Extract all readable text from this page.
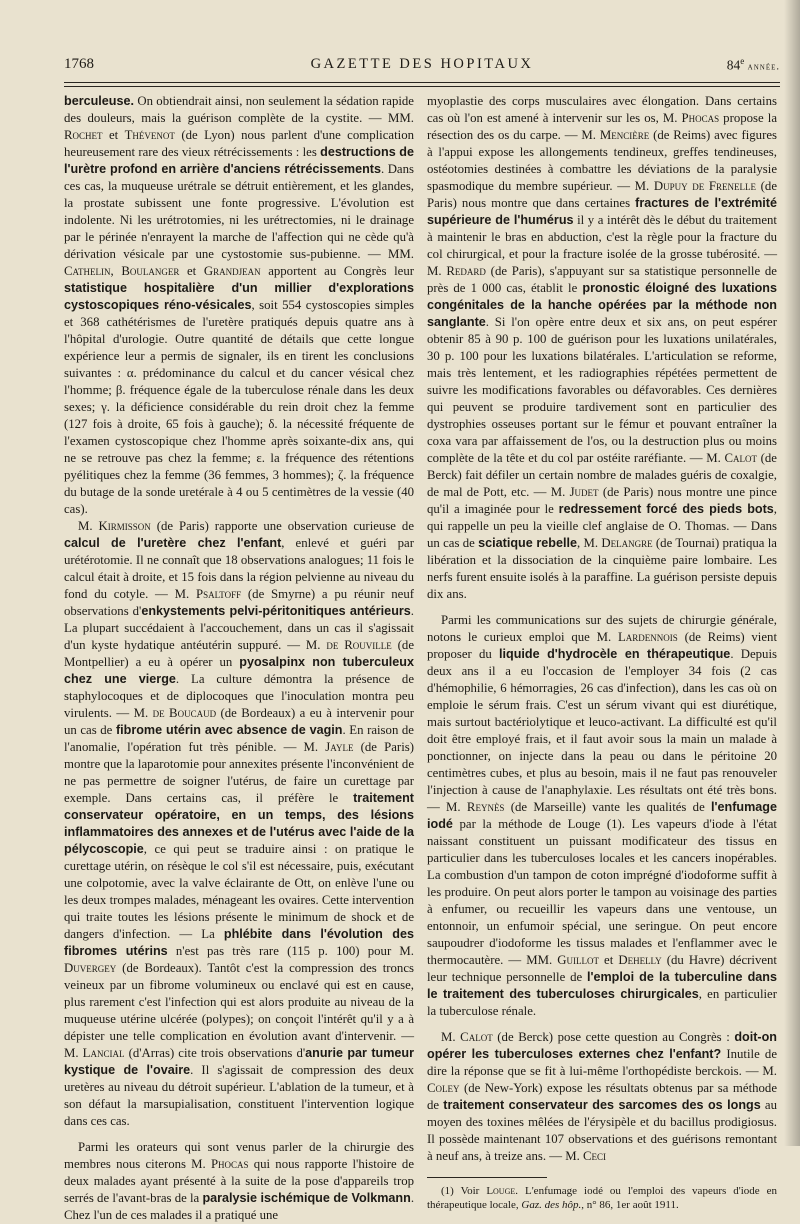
1768	GAZETTE DES HOPITAUX	84e année.

berculeuse. On obtiendrait ainsi, non seulement la sédation rapide des douleurs, mais la guérison complète de la cystite. — MM. Rochet et Thévenot (de Lyon) nous parlent d'une complication heureusement rare des vieux rétrécissements : les destructions de l'urètre profond en arrière d'anciens rétrécissements. Dans ces cas, la muqueuse urétrale se détruit entièrement, et les glandes, la prostate subissent une fonte progressive. L'évolution est indolente. Ni les urétrotomies, ni les urétrectomies, ni le drainage par le périnée n'enrayent la marche de l'affection qui ne cède qu'à dérivation vésicale par une cystostomie sus-pubienne. — MM. Cathelin, Boulanger et Grandjean apportent au Congrès leur statistique hospitalière d'un millier d'explorations cystoscopiques réno-vésicales, soit 554 cystoscopies simples et 368 cathétérismes de l'uretère pratiqués depuis quatre ans à l'hôpital d'urologie. Outre quantité de détails que cette longue expérience leur a permis de signaler, ils en tirent les conclusions suivantes : α. prédominance du calcul et du cancer vésical chez l'homme; β. fréquence égale de la tuberculose rénale dans les deux sexes; γ. la déficience considérable du rein droit chez la femme (127 fois à droite, 65 fois à gauche); δ. la nécessité fréquente de l'examen cystoscopique chez l'homme après soixante-dix ans, qui ne se retrouve pas chez la femme; ε. la fréquence des rétentions pyélitiques chez la femme (36 femmes, 3 hommes); ζ. la fréquence du butage de la sonde uretérale à 4 ou 5 centimètres de la vessie (40 cas).

M. Kirmisson (de Paris) rapporte une observation curieuse de calcul de l'uretère chez l'enfant, enlevé et guéri par urétérotomie. Il ne connaît que 18 observations analogues; 11 fois le calcul était à droite, et 15 fois dans la région pelvienne au niveau du fond du cotyle. — M. Psaltoff (de Smyrne) a pu réunir neuf observations d'enkystements pelvi-péritonitiques antérieurs. La plupart succédaient à l'accouchement, dans un cas il s'agissait d'un kyste hydatique antéutérin suppuré. — M. de Rouville (de Montpellier) a eu à opérer un pyosalpinx non tuberculeux chez une vierge. La culture démontra la présence de staphylocoques et de diplocoques que l'inoculation montra peu virulents. — M. de Boucaud (de Bordeaux) a eu à intervenir pour un cas de fibrome utérin avec absence de vagin. En raison de l'anomalie, l'opération fut très pénible. — M. Jayle (de Paris) montre que la laparotomie pour annexites présente l'inconvénient de ne pas permettre de soigner l'utérus, de faire un curettage par exemple. Dans certains cas, il préfère le traitement conservateur opératoire, en un temps, des lésions inflammatoires des annexes et de l'utérus avec l'aide de la pélycoscopie, ce qui peut se traduire ainsi : on pratique le curettage utérin, on résèque le col s'il est nécessaire, puis, exécutant une colpotomie, avec la valve éclairante de Ott, on enlève l'une ou les deux trompes malades, ménageant les ovaires. Cette intervention qui traite toutes les lésions présente le minimum de shock et de dangers d'infection. — La phlébite dans l'évolution des fibromes utérins n'est pas très rare (115 p. 100) pour M. Duvergey (de Bordeaux). Tantôt c'est la compression des troncs veineux par un fibrome volumineux ou enclavé qui est en cause, plus rarement c'est l'infection qui est alors produite au niveau de la muqueuse utérine ulcérée (polypes); on conçoit l'intérêt qu'il y a à dépister une telle complication en évolution avant d'intervenir. — M. Lancial (d'Arras) cite trois observations d'anurie par tumeur kystique de l'ovaire. Il s'agissait de compression des deux uretères au niveau du détroit supérieur. L'ablation de la tumeur, et à son défaut la marsupialisation, constituent l'intervention logique dans ces cas.

Parmi les orateurs qui sont venus parler de la chirurgie des membres nous citerons M. Phocas qui nous rapporte l'histoire de deux malades ayant présenté à la suite de la pose d'appareils trop serrés de l'avant-bras de la paralysie ischémique de Volkmann. Chez l'un de ces malades il a pratiqué une

myoplastie des corps musculaires avec élongation. Dans certains cas où l'on est amené à intervenir sur les os, M. Phocas propose la résection des os du carpe. — M. Mencière (de Reims) avec figures à l'appui expose les allongements tendineux, greffes tendineuses, ostéotomies destinées à combattre les déviations de la paralysie spasmodique du membre supérieur. — M. Dupuy de Frenelle (de Paris) nous montre que dans certaines fractures de l'extrémité supérieure de l'humérus il y a intérêt dès le début du traitement à maintenir le bras en abduction, c'est la règle pour la fracture du col chirurgical, et pour la fracture isolée de la grosse tubérosité. — M. Redard (de Paris), s'appuyant sur sa statistique personnelle de près de 1 000 cas, établit le pronostic éloigné des luxations congénitales de la hanche opérées par la méthode non sanglante. Si l'on opère entre deux et six ans, on peut espérer obtenir 85 à 90 p. 100 de guérison pour les luxations unilatérales, 30 p. 100 pour les luxations bilatérales. L'articulation se reforme, mais très lentement, et les radiographies répétées permettent de suivre les modifications favorables ou défavorables. Ces dernières qui peuvent se produire tardivement sont en particulier des dystrophies osseuses portant sur le fémur et pouvant entraîner la coxa vara par affaissement de l'os, ou la destruction plus ou moins complète de la tête et du col par ostéite raréfiante. — M. Calot (de Berck) fait défiler un certain nombre de malades guéris de coxalgie, de mal de Pott, etc. — M. Judet (de Paris) nous montre une pince qu'il a imaginée pour le redressement forcé des pieds bots, qui rappelle un peu la vieille clef anglaise de O. Thomas. — Dans un cas de sciatique rebelle, M. Delangre (de Tournai) pratiqua la libération et la dissociation de la cinquième paire lombaire. Les nerfs furent ensuite isolés à la paraffine. La guérison persiste depuis dix ans.

Parmi les communications sur des sujets de chirurgie générale, notons le curieux emploi que M. Lardennois (de Reims) vient proposer du liquide d'hydrocèle en thérapeutique. Depuis deux ans il a eu l'occasion de l'employer 34 fois (2 cas d'hémophilie, 6 hémorragies, 26 cas d'infection), dans les cas où on emploie le sérum frais. C'est un sérum vivant qui est diurétique, mais surtout bactériolytique et leuco-activant. La difficulté est qu'il doit être employé frais, et il faut avoir sous la main un malade à ponctionner, on injecte dans la peau ou dans le péritoine 20 centimètres cubes, et plus au besoin, mais il ne faut pas renouveler l'injection à cause de l'anaphylaxie. Les résultats ont été très bons. — M. Reynès (de Marseille) vante les qualités de l'enfumage iodé par la méthode de Louge (1). Les vapeurs d'iode à l'état naissant constituent un puissant modificateur des tissus en particulier dans les tuberculoses locales et les cancers inopérables. La combustion d'un tampon de coton imprégné d'iodoforme suffit à les produire. On peut alors porter le tampon au voisinage des parties à enfumer, ou recueillir les vapeurs dans une ventouse, un entonnoir, un enfumoir spécial, une seringue. On peut encore saupoudrer d'iodoforme les tissus malades et l'enflammer avec le thermocautère. — MM. Guillot et Dehelly (du Havre) décrivent leur technique personnelle de l'emploi de la tuberculine dans le traitement des tuberculoses chirurgicales, en particulier la tuberculose rénale.

M. Calot (de Berck) pose cette question au Congrès : doit-on opérer les tuberculoses externes chez l'enfant? Inutile de dire la réponse que se fit à lui-même l'orthopédiste berckois. — M. Coley (de New-York) expose les résultats obtenus par sa méthode de traitement conservateur des sarcomes des os longs au moyen des toxines mêlées de l'érysipèle et du bacillus prodigiosus. Il possède maintenant 107 observations et des guérisons remontant à neuf ans, à treize ans. — M. Ceci

(1) Voir Louge. L'enfumage iodé ou l'emploi des vapeurs d'iode en thérapeutique locale, Gaz. des hôp., n° 86, 1er août 1911.
